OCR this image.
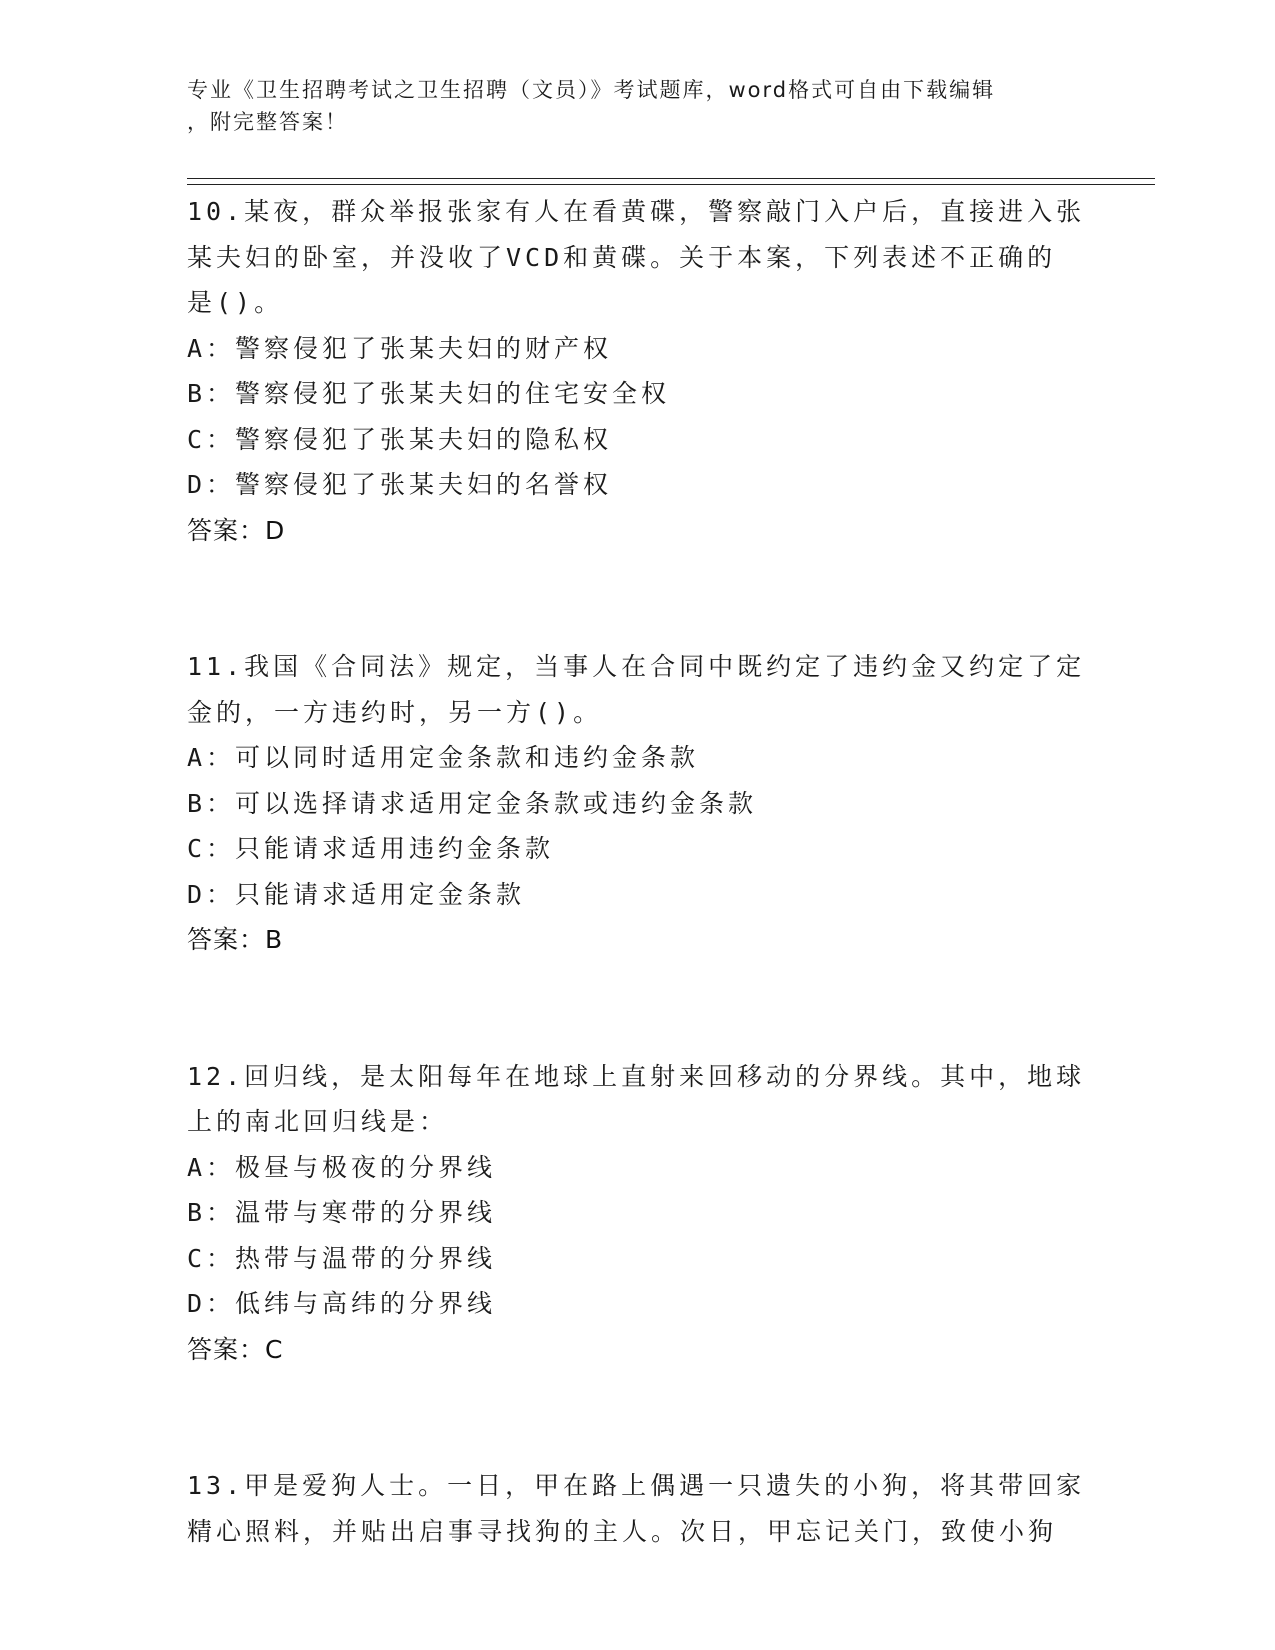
专业《卫生招聘考试之卫生招聘（文员）》考试题库，word格式可自由下载编辑
，附完整答案！
10.某夜，群众举报张家有人在看黄碟，警察敲门入户后，直接进入张
某夫妇的卧室，并没收了VCD和黄碟。关于本案，下列表述不正确的
是()。
A：警察侵犯了张某夫妇的财产权
B：警察侵犯了张某夫妇的住宅安全权
C：警察侵犯了张某夫妇的隐私权
D：警察侵犯了张某夫妇的名誉权
答案：D
11.我国《合同法》规定，当事人在合同中既约定了违约金又约定了定
金的，一方违约时，另一方()。
A：可以同时适用定金条款和违约金条款
B：可以选择请求适用定金条款或违约金条款
C：只能请求适用违约金条款
D：只能请求适用定金条款
答案：B
12.回归线，是太阳每年在地球上直射来回移动的分界线。其中，地球
上的南北回归线是：
A：极昼与极夜的分界线
B：温带与寒带的分界线
C：热带与温带的分界线
D：低纬与高纬的分界线
答案：C
13.甲是爱狗人士。一日，甲在路上偶遇一只遗失的小狗，将其带回家
精心照料，并贴出启事寻找狗的主人。次日，甲忘记关门，致使小狗
